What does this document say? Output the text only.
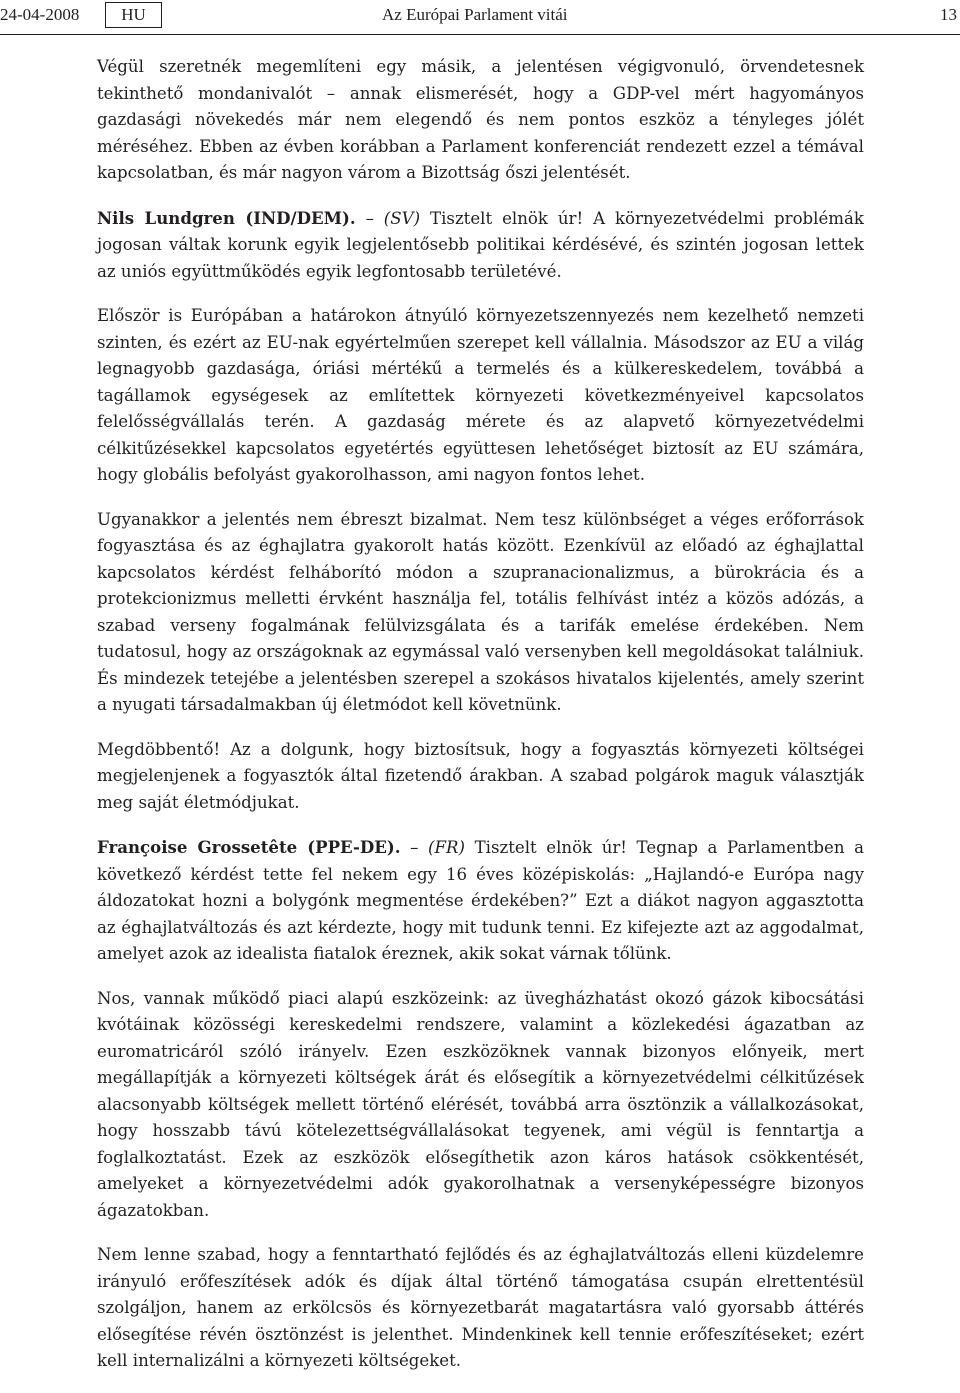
24-04-2008	HU	Az Európai Parlament vitái	13

Végül szeretnék megemlíteni egy másik, a jelentésen végigvonuló, örvendetesnek tekinthető mondanivalót – annak elismerését, hogy a GDP-vel mért hagyományos gazdasági növekedés már nem elegendő és nem pontos eszköz a tényleges jólét méréséhez. Ebben az évben korábban a Parlament konferenciát rendezett ezzel a témával kapcsolatban, és már nagyon várom a Bizottság őszi jelentését.

Nils Lundgren (IND/DEM). – (SV) Tisztelt elnök úr! A környezetvédelmi problémák jogosan váltak korunk egyik legjelentősebb politikai kérdésévé, és szintén jogosan lettek az uniós együttműködés egyik legfontosabb területévé.

Először is Európában a határokon átnyúló környezetszennyezés nem kezelhető nemzeti szinten, és ezért az EU-nak egyértelműen szerepet kell vállalnia. Másodszor az EU a világ legnagyobb gazdasága, óriási mértékű a termelés és a külkereskedelem, továbbá a tagállamok egységesek az említettek környezeti következményeivel kapcsolatos felelősségvállalás terén. A gazdaság mérete és az alapvető környezetvédelmi célkitűzésekkel kapcsolatos egyetértés együttesen lehetőséget biztosít az EU számára, hogy globális befolyást gyakorolhasson, ami nagyon fontos lehet.

Ugyanakkor a jelentés nem ébreszt bizalmat. Nem tesz különbséget a véges erőforrások fogyasztása és az éghajlatra gyakorolt hatás között. Ezenkívül az előadó az éghajlattal kapcsolatos kérdést felháborító módon a szupranacionalizmus, a bürokrácia és a protekcionizmus melletti érvként használja fel, totális felhívást intéz a közös adózás, a szabad verseny fogalmának felülvizsgálata és a tarifák emelése érdekében. Nem tudatosul, hogy az országoknak az egymással való versenyben kell megoldásokat találniuk. És mindezek tetejébe a jelentésben szerepel a szokásos hivatalos kijelentés, amely szerint a nyugati társadalmakban új életmódot kell követnünk.

Megdöbbentő! Az a dolgunk, hogy biztosítsuk, hogy a fogyasztás környezeti költségei megjelenjenek a fogyasztók által fizetendő árakban. A szabad polgárok maguk választják meg saját életmódjukat.

Françoise Grossetête (PPE-DE). – (FR) Tisztelt elnök úr! Tegnap a Parlamentben a következő kérdést tette fel nekem egy 16 éves középiskolás: „Hajlandó-e Európa nagy áldozatokat hozni a bolygónk megmentése érdekében?” Ezt a diákot nagyon aggasztotta az éghajlatváltozás és azt kérdezte, hogy mit tudunk tenni. Ez kifejezte azt az aggodalmat, amelyet azok az idealista fiatalok éreznek, akik sokat várnak tőlünk.

Nos, vannak működő piaci alapú eszközeink: az üvegházhatást okozó gázok kibocsátási kvótáinak közösségi kereskedelmi rendszere, valamint a közlekedési ágazatban az euromatricáról szóló irányelv. Ezen eszközöknek vannak bizonyos előnyeik, mert megállapítják a környezeti költségek árát és elősegítik a környezetvédelmi célkitűzések alacsonyabb költségek mellett történő elérését, továbbá arra ösztönzik a vállalkozásokat, hogy hosszabb távú kötelezettségvállalásokat tegyenek, ami végül is fenntartja a foglalkoztatást. Ezek az eszközök elősegíthetik azon káros hatások csökkentését, amelyeket a környezetvédelmi adók gyakorolhatnak a versenyképességre bizonyos ágazatokban.

Nem lenne szabad, hogy a fenntartható fejlődés és az éghajlatváltozás elleni küzdelemre irányuló erőfeszítések adók és díjak által történő támogatása csupán elrettentésül szolgáljon, hanem az erkölcsös és környezetbarát magatartásra való gyorsabb áttérés elősegítése révén ösztönzést is jelenthet. Mindenkinek kell tennie erőfeszítéseket; ezért kell internalizálni a környezeti költségeket.
